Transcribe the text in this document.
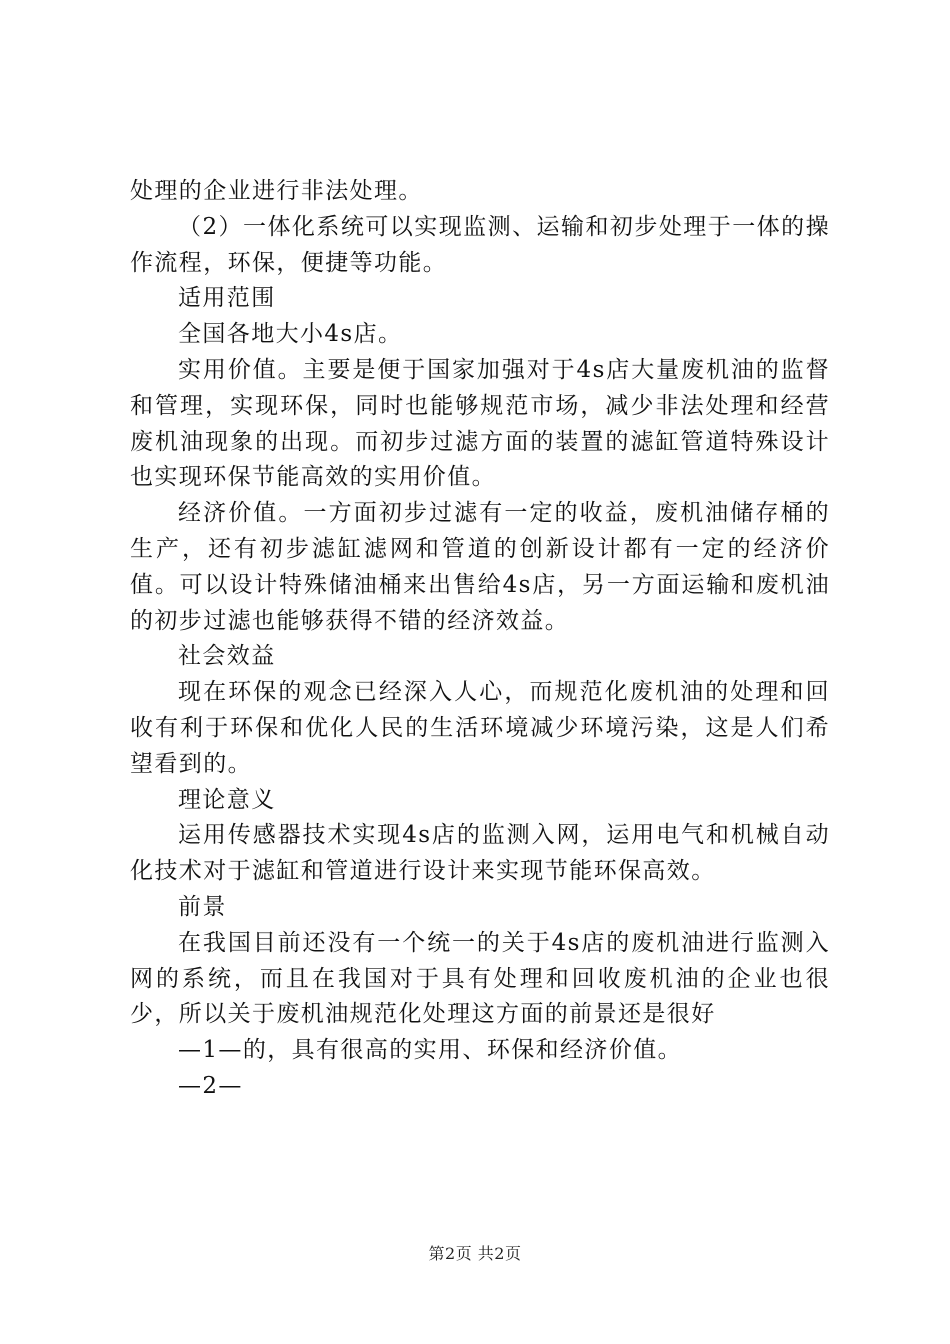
处理的企业进行非法处理。

（2）一体化系统可以实现监测、运输和初步处理于一体的操作流程，环保，便捷等功能。

适用范围

全国各地大小4s店。

实用价值。主要是便于国家加强对于4s店大量废机油的监督和管理，实现环保，同时也能够规范市场，减少非法处理和经营废机油现象的出现。而初步过滤方面的装置的滤缸管道特殊设计也实现环保节能高效的实用价值。

经济价值。一方面初步过滤有一定的收益，废机油储存桶的生产，还有初步滤缸滤网和管道的创新设计都有一定的经济价值。可以设计特殊储油桶来出售给4s店，另一方面运输和废机油的初步过滤也能够获得不错的经济效益。

社会效益

现在环保的观念已经深入人心，而规范化废机油的处理和回收有利于环保和优化人民的生活环境减少环境污染，这是人们希望看到的。

理论意义

运用传感器技术实现4s店的监测入网，运用电气和机械自动化技术对于滤缸和管道进行设计来实现节能环保高效。

前景

在我国目前还没有一个统一的关于4s店的废机油进行监测入网的系统，而且在我国对于具有处理和回收废机油的企业也很少，所以关于废机油规范化处理这方面的前景还是很好

—1—的，具有很高的实用、环保和经济价值。

—2—

第2页 共2页
